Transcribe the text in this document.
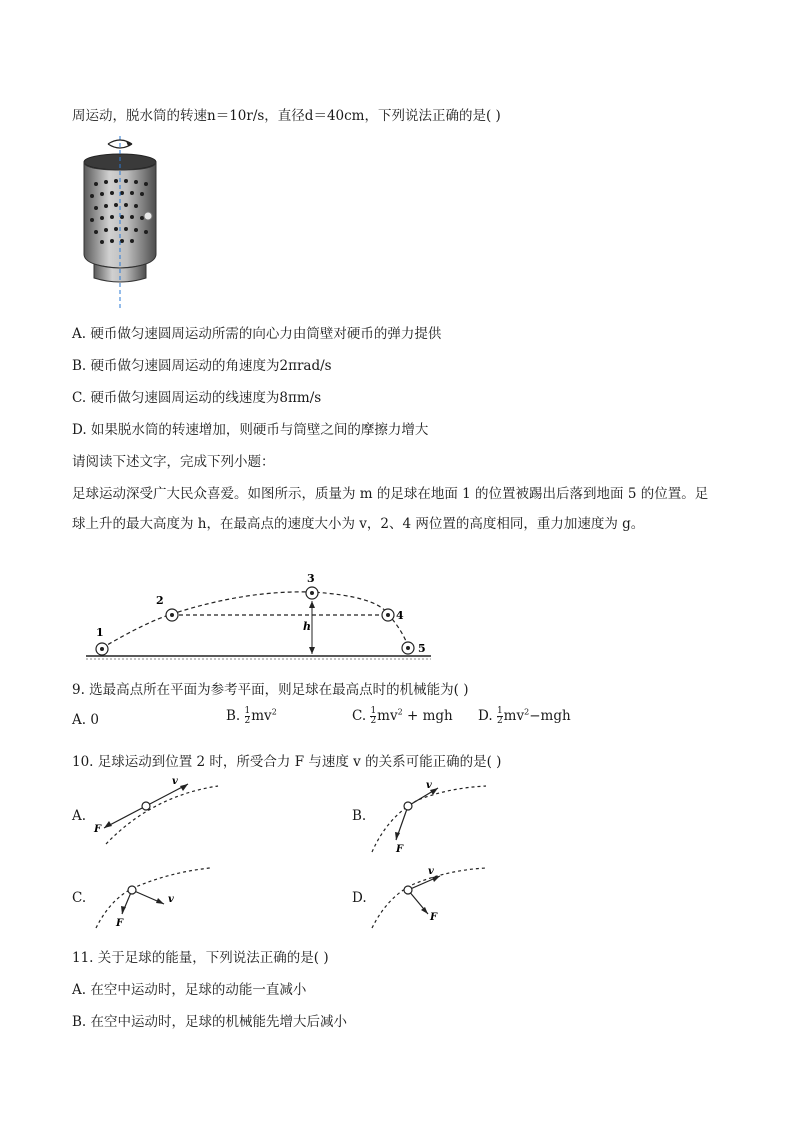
周运动，脱水筒的转速n＝10r/s，直径d＝40cm，下列说法正确的是( )
A. 硬币做匀速圆周运动所需的向心力由筒壁对硬币的弹力提供
B. 硬币做匀速圆周运动的角速度为2πrad/s
C. 硬币做匀速圆周运动的线速度为8πm/s
D. 如果脱水筒的转速增加，则硬币与筒壁之间的摩擦力增大
请阅读下述文字，完成下列小题：
足球运动深受广大民众喜爱。如图所示，质量为 m 的足球在地面 1 的位置被踢出后落到地面 5 的位置。足
球上升的最大高度为 h，在最高点的速度大小为 v，2、4 两位置的高度相同，重力加速度为 g。
1
2
3
4
5
h
9. 选最高点所在平面为参考平面，则足球在最高点时的机械能为( )
A. 0	B. $\frac{1}{2} mv^2$	C. $\frac{1}{2} mv^2$ + mgh D. $\frac{1}{2} mv^2-mgh$
10. 足球运动到位置 2 时，所受合力 F 与速度 v 的关系可能正确的是( )
A.
v
F
B.
v
F
C.	v
F
D.
v
F
11. 关于足球的能量，下列说法正确的是( )
A. 在空中运动时，足球的动能一直减小
B. 在空中运动时，足球的机械能先增大后减小
